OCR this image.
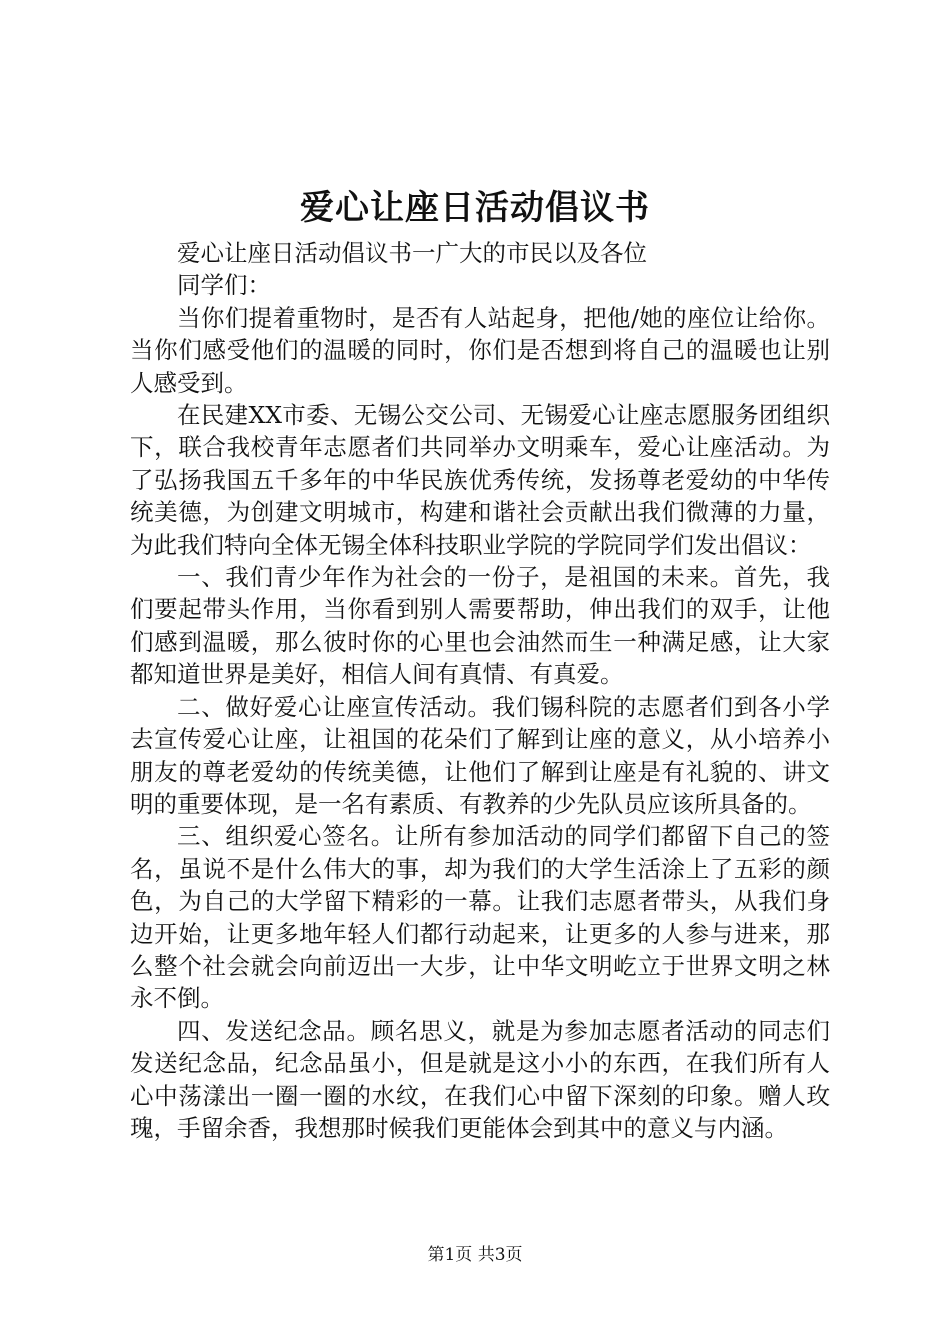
爱心让座日活动倡议书

爱心让座日活动倡议书一广大的市民以及各位

同学们：

当你们提着重物时，是否有人站起身，把他/她的座位让给你。当你们感受他们的温暖的同时，你们是否想到将自己的温暖也让别人感受到。

在民建XX市委、无锡公交公司、无锡爱心让座志愿服务团组织下，联合我校青年志愿者们共同举办文明乘车，爱心让座活动。为了弘扬我国五千多年的中华民族优秀传统，发扬尊老爱幼的中华传统美德，为创建文明城市，构建和谐社会贡献出我们微薄的力量，为此我们特向全体无锡全体科技职业学院的学院同学们发出倡议：

一、我们青少年作为社会的一份子，是祖国的未来。首先，我们要起带头作用，当你看到别人需要帮助，伸出我们的双手，让他们感到温暖，那么彼时你的心里也会油然而生一种满足感，让大家都知道世界是美好，相信人间有真情、有真爱。

二、做好爱心让座宣传活动。我们锡科院的志愿者们到各小学去宣传爱心让座，让祖国的花朵们了解到让座的意义，从小培养小朋友的尊老爱幼的传统美德，让他们了解到让座是有礼貌的、讲文明的重要体现，是一名有素质、有教养的少先队员应该所具备的。

三、组织爱心签名。让所有参加活动的同学们都留下自己的签名，虽说不是什么伟大的事，却为我们的大学生活涂上了五彩的颜色，为自己的大学留下精彩的一幕。让我们志愿者带头，从我们身边开始，让更多地年轻人们都行动起来，让更多的人参与进来，那么整个社会就会向前迈出一大步，让中华文明屹立于世界文明之林永不倒。

四、发送纪念品。顾名思义，就是为参加志愿者活动的同志们发送纪念品，纪念品虽小，但是就是这小小的东西，在我们所有人心中荡漾出一圈一圈的水纹，在我们心中留下深刻的印象。赠人玫瑰，手留余香，我想那时候我们更能体会到其中的意义与内涵。

第1页 共3页
